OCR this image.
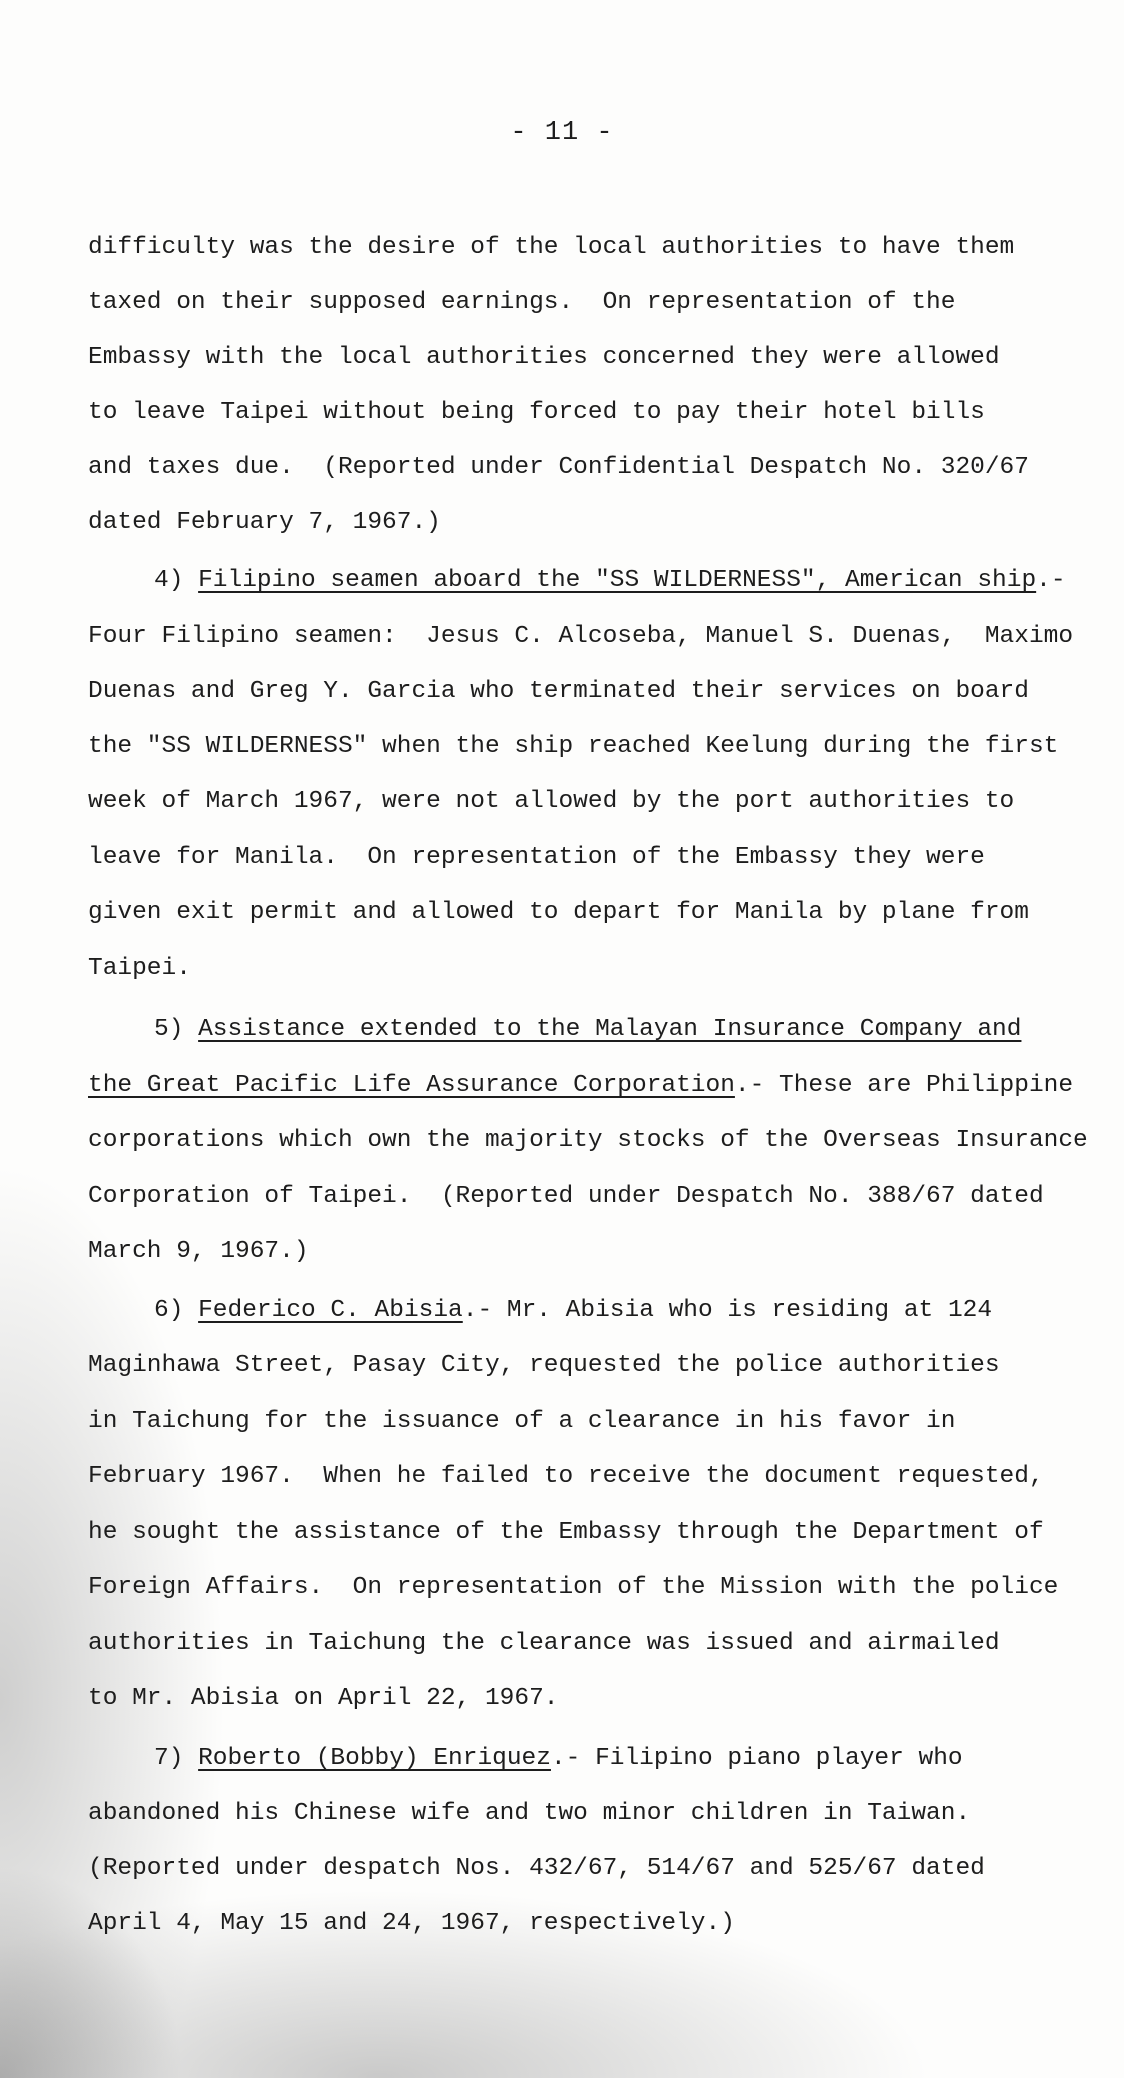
- 11 -
difficulty was the desire of the local authorities to have them
taxed on their supposed earnings.  On representation of the
Embassy with the local authorities concerned they were allowed
to leave Taipei without being forced to pay their hotel bills
and taxes due.  (Reported under Confidential Despatch No. 320/67
dated February 7, 1967.)
4) Filipino seamen aboard the "SS WILDERNESS", American ship.-
Four Filipino seamen:  Jesus C. Alcoseba, Manuel S. Duenas,  Maximo
Duenas and Greg Y. Garcia who terminated their services on board
the "SS WILDERNESS" when the ship reached Keelung during the first
week of March 1967, were not allowed by the port authorities to
leave for Manila.  On representation of the Embassy they were
given exit permit and allowed to depart for Manila by plane from
Taipei.
5) Assistance extended to the Malayan Insurance Company and
the Great Pacific Life Assurance Corporation.- These are Philippine
corporations which own the majority stocks of the Overseas Insurance
Corporation of Taipei.  (Reported under Despatch No. 388/67 dated
March 9, 1967.)
6) Federico C. Abisia.- Mr. Abisia who is residing at 124
Maginhawa Street, Pasay City, requested the police authorities
in Taichung for the issuance of a clearance in his favor in
February 1967.  When he failed to receive the document requested,
he sought the assistance of the Embassy through the Department of
Foreign Affairs.  On representation of the Mission with the police
authorities in Taichung the clearance was issued and airmailed
to Mr. Abisia on April 22, 1967.
7) Roberto (Bobby) Enriquez.- Filipino piano player who
abandoned his Chinese wife and two minor children in Taiwan.
(Reported under despatch Nos. 432/67, 514/67 and 525/67 dated
April 4, May 15 and 24, 1967, respectively.)
